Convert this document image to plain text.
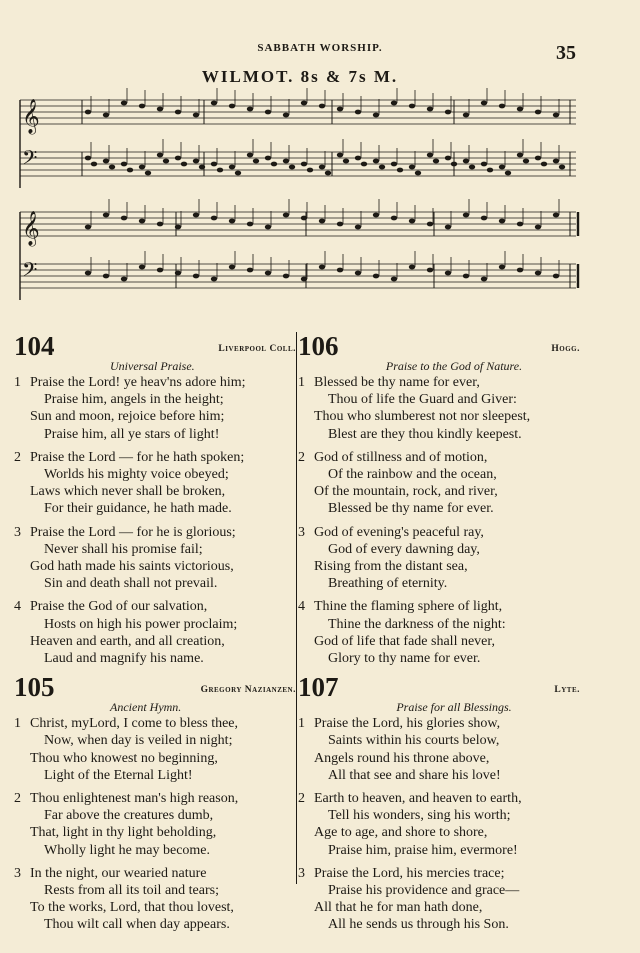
SABBATH WORSHIP.	35
WILMOT. 8s & 7s M.
𝄞
𝄢
𝄞
𝄢
104	Liverpool Coll.
Universal Praise.
1 Praise the Lord! ye heav'ns adore him;
Praise him, angels in the height;
Sun and moon, rejoice before him;
Praise him, all ye stars of light!
2 Praise the Lord — for he hath spoken;
Worlds his mighty voice obeyed;
Laws which never shall be broken,
For their guidance, he hath made.
3 Praise the Lord — for he is glorious;
Never shall his promise fail;
God hath made his saints victorious,
Sin and death shall not prevail.
4 Praise the God of our salvation,
Hosts on high his power proclaim;
Heaven and earth, and all creation,
Laud and magnify his name.
105	Gregory Nazianzen.
Ancient Hymn.
1 Christ, myLord, I come to bless thee,
Now, when day is veiled in night;
Thou who knowest no beginning,
Light of the Eternal Light!
2 Thou enlightenest man's high reason,
Far above the creatures dumb,
That, light in thy light beholding,
Wholly light he may become.
3 In the night, our wearied nature
Rests from all its toil and tears;
To the works, Lord, that thou lovest,
Thou wilt call when day appears.
106	Hogg.
Praise to the God of Nature.
1 Blessed be thy name for ever,
Thou of life the Guard and Giver:
Thou who slumberest not nor sleepest,
Blest are they thou kindly keepest.
2 God of stillness and of motion,
Of the rainbow and the ocean,
Of the mountain, rock, and river,
Blessed be thy name for ever.
3 God of evening's peaceful ray,
God of every dawning day,
Rising from the distant sea,
Breathing of eternity.
4 Thine the flaming sphere of light,
Thine the darkness of the night:
God of life that fade shall never,
Glory to thy name for ever.
107	Lyte.
Praise for all Blessings.
1 Praise the Lord, his glories show,
Saints within his courts below,
Angels round his throne above,
All that see and share his love!
2 Earth to heaven, and heaven to earth,
Tell his wonders, sing his worth;
Age to age, and shore to shore,
Praise him, praise him, evermore!
3 Praise the Lord, his mercies trace;
Praise his providence and grace—
All that he for man hath done,
All he sends us through his Son.
